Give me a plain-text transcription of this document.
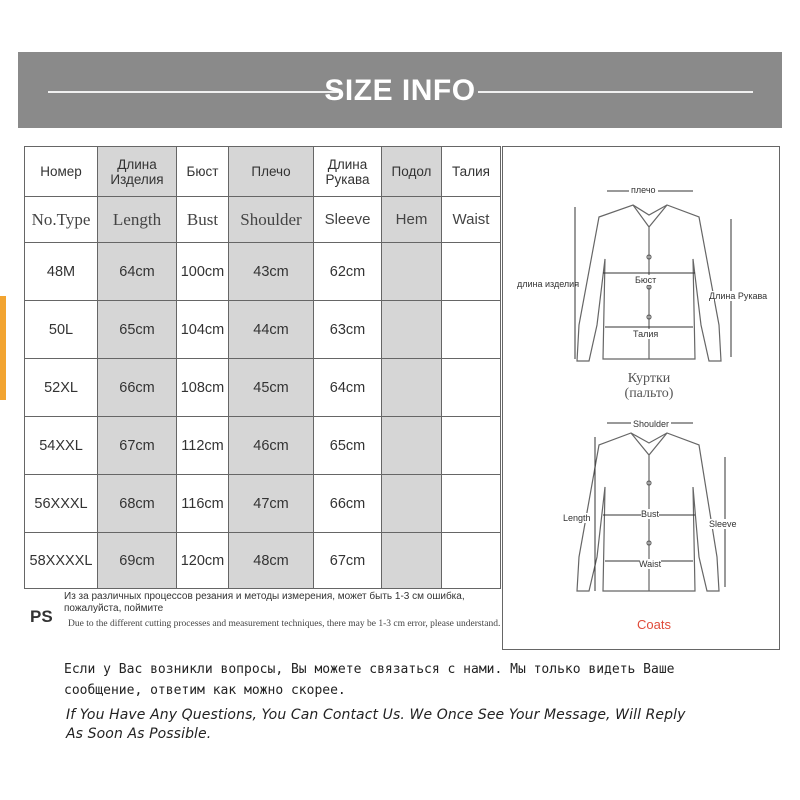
SIZE INFO
Номер	Длина Изделия	Бюст	Плечо	Длина Рукава	Подол	Талия
No.Type	Length	Bust	Shoulder	Sleeve	Hem	Waist
48M	64cm	100cm	43cm	62cm		
50L	65cm	104cm	44cm	63cm		
52XL	66cm	108cm	45cm	64cm		
54XXL	67cm	112cm	46cm	65cm		
56XXXL	68cm	116cm	47cm	66cm		
58XXXXL	69cm	120cm	48cm	67cm		
PS
Из за различных процессов резания и методы измерения, может быть 1-3 см ошибка, пожалуйста, поймите
Due to the different cutting processes and measurement techniques, there may be 1-3 cm error, please understand.
плечо
длина изделия	Бюст
Талия
Длина Рукава
Куртки
(пальто)
Shoulder
Length	Bust
Waist
Sleeve
Coats
Если у Вас возникли вопросы, Вы можете связаться с нами. Мы только видеть Ваше
сообщение, ответим как можно скорее.
If You Have Any Questions, You Can Contact Us. We Once See Your Message, Will Reply
As Soon As Possible.
